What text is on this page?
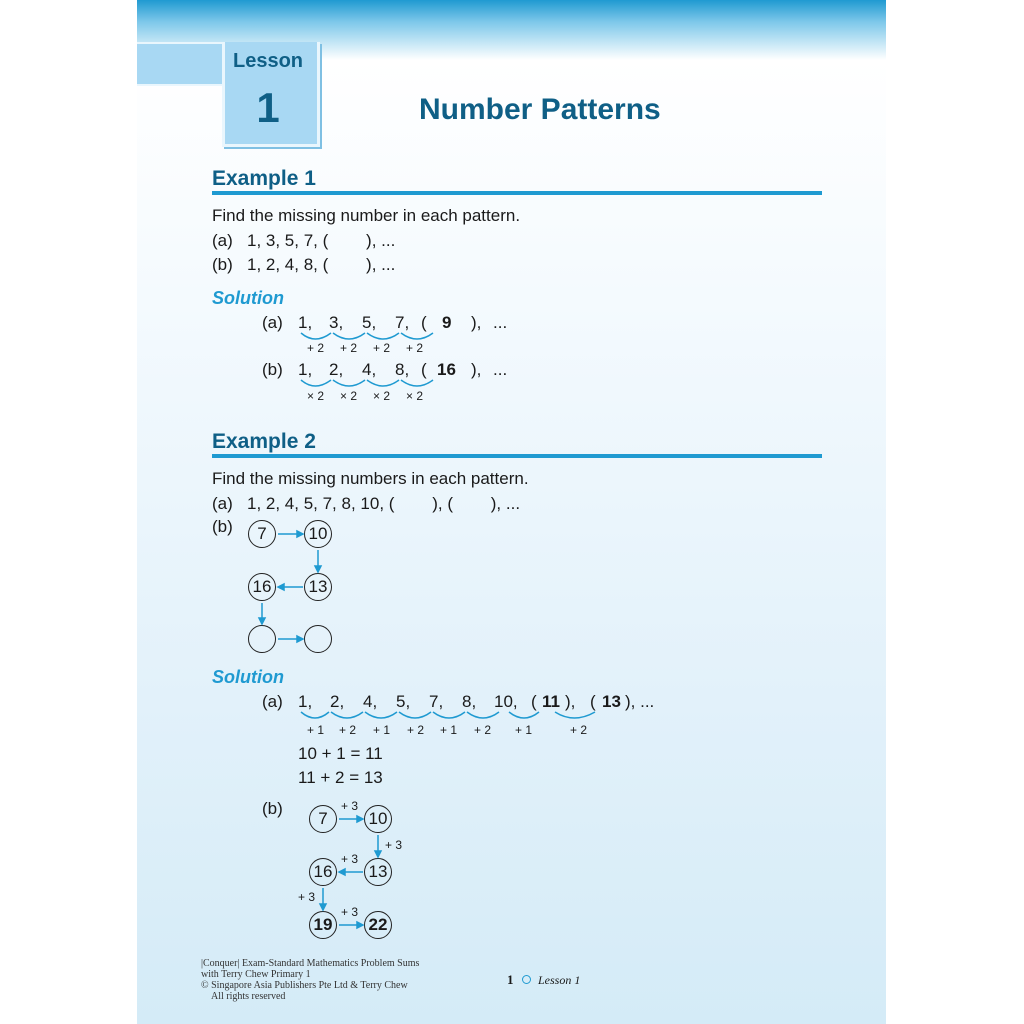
Lesson
1	Number Patterns
Example 1
Find the missing number in each pattern.
(a) 1, 3, 5, 7, (        ), ...
(b) 1, 2, 4, 8, (        ), ...
Solution
(a) 1, 3, 5, 7, ( 9 ), ...
+ 2 + 2 + 2 + 2
(b) 1, 2, 4, 8, ( 16 ), ...
× 2 × 2 × 2 × 2
Example 2
Find the missing numbers in each pattern.
(a) 1, 2, 4, 5, 7, 8, 10, (        ), (        ), ...
(b)	7	10
13
16
Solution
(a) 1, 2, 4, 5, 7, 8, 10, ( 11 ), ( 13 ), ...
+ 1 + 2 + 1 + 2 + 1 + 2 + 1	+ 2
10 + 1 = 11
11 + 2 = 13
(b)
7	10
13
16
19 22
+ 3
+ 3
+ 3
+ 3
+ 3
|Conquer| Exam-Standard Mathematics Problem Sums
with Terry Chew Primary 1
© Singapore Asia Publishers Pte Ltd & Terry Chew
All rights reserved
1 Lesson 1
